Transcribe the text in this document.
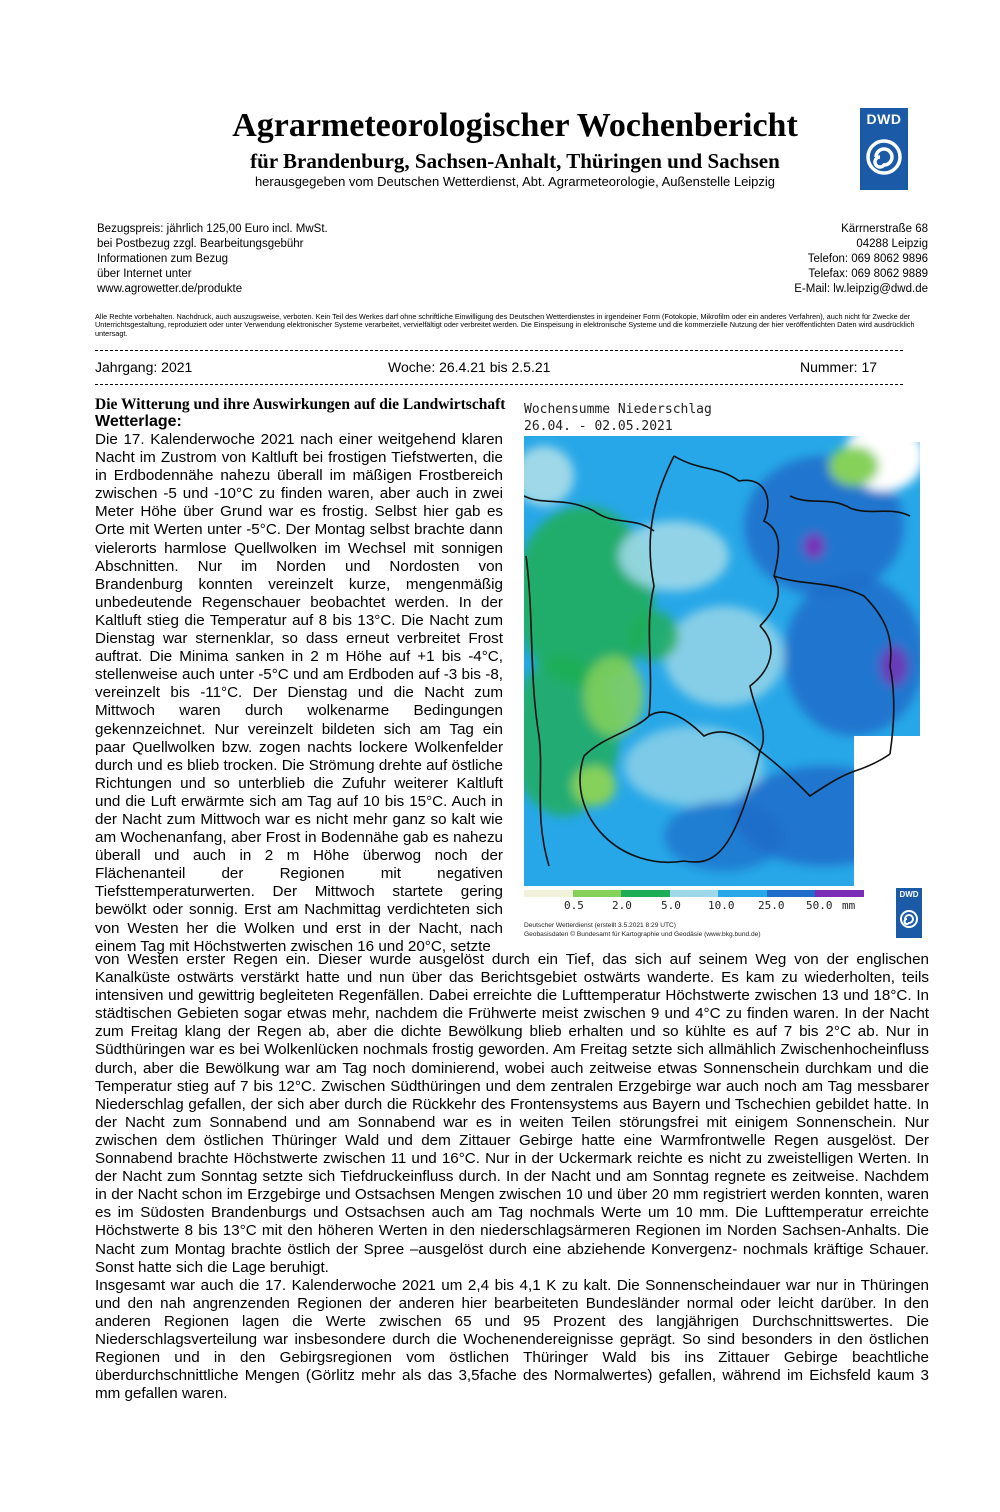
Agrarmeteorologischer Wochenbericht
für Brandenburg, Sachsen-Anhalt, Thüringen und Sachsen
herausgegeben vom Deutschen Wetterdienst, Abt. Agrarmeteorologie, Außenstelle Leipzig
DWD
Bezugspreis: jährlich 125,00 Euro incl. MwSt.
bei Postbezug zzgl. Bearbeitungsgebühr
Informationen zum Bezug
über Internet unter
www.agrowetter.de/produkte
Kärrnerstraße 68
04288 Leipzig
Telefon: 069 8062 9896
Telefax: 069 8062 9889
E-Mail: lw.leipzig@dwd.de
Alle Rechte vorbehalten. Nachdruck, auch auszugsweise, verboten. Kein Teil des Werkes darf ohne schriftliche Einwilligung des Deutschen Wetterdienstes in irgendeiner Form (Fotokopie, Mikrofilm oder ein anderes Verfahren), auch nicht für Zwecke der Unterrichtsgestaltung, reproduziert oder unter Verwendung elektronischer Systeme verarbeitet, vervielfältigt oder verbreitet werden. Die Einspeisung in elektronische Systeme und die kommerzielle Nutzung der hier veröffentlichten Daten wird ausdrücklich untersagt.
Jahrgang: 2021	Woche: 26.4.21 bis 2.5.21	Nummer: 17
Die Witterung und ihre Auswirkungen auf die Landwirtschaft
Wetterlage:

Die 17. Kalenderwoche 2021 nach einer weitgehend klaren Nacht im Zustrom von Kaltluft bei frostigen Tiefstwerten, die in Erdbodennähe nahezu überall im mäßigen Frostbereich zwischen -5 und -10°C zu finden waren, aber auch in zwei Meter Höhe über Grund war es frostig. Selbst hier gab es Orte mit Werten unter -5°C. Der Montag selbst brachte dann vielerorts harmlose Quellwolken im Wechsel mit sonnigen Abschnitten. Nur im Norden und Nordosten von Brandenburg konnten vereinzelt kurze, mengenmäßig unbedeutende Regenschauer beobachtet werden. In der Kaltluft stieg die Temperatur auf 8 bis 13°C. Die Nacht zum Dienstag war sternenklar, so dass erneut verbreitet Frost auftrat. Die Minima sanken in 2 m Höhe auf +1 bis -4°C, stellenweise auch unter -5°C und am Erdboden auf -3 bis -8, vereinzelt bis -11°C. Der Dienstag und die Nacht zum Mittwoch waren durch wolkenarme Bedingungen gekennzeichnet. Nur vereinzelt bildeten sich am Tag ein paar Quellwolken bzw. zogen nachts lockere Wolkenfelder durch und es blieb trocken. Die Strömung drehte auf östliche Richtungen und so unterblieb die Zufuhr weiterer Kaltluft und die Luft erwärmte sich am Tag auf 10 bis 15°C. Auch in der Nacht zum Mittwoch war es nicht mehr ganz so kalt wie am Wochenanfang, aber Frost in Bodennähe gab es nahezu überall und auch in 2 m Höhe überwog noch der Flächenanteil der Regionen mit negativen Tiefsttemperaturwerten. Der Mittwoch startete gering bewölkt oder sonnig. Erst am Nachmittag verdichteten sich von Westen her die Wolken und erst in der Nacht, nach einem Tag mit Höchstwerten zwischen 16 und 20°C, setzte

von Westen erster Regen ein. Dieser wurde ausgelöst durch ein Tief, das sich auf seinem Weg von der englischen Kanalküste ostwärts verstärkt hatte und nun über das Berichtsgebiet ostwärts wanderte. Es kam zu wiederholten, teils intensiven und gewittrig begleiteten Regenfällen. Dabei erreichte die Lufttemperatur Höchstwerte zwischen 13 und 18°C. In städtischen Gebieten sogar etwas mehr, nachdem die Frühwerte meist zwischen 9 und 4°C zu finden waren. In der Nacht zum Freitag klang der Regen ab, aber die dichte Bewölkung blieb erhalten und so kühlte es auf 7 bis 2°C ab. Nur in Südthüringen war es bei Wolkenlücken nochmals frostig geworden. Am Freitag setzte sich allmählich Zwischenhocheinfluss durch, aber die Bewölkung war am Tag noch dominierend, wobei auch zeitweise etwas Sonnenschein durchkam und die Temperatur stieg auf 7 bis 12°C. Zwischen Südthüringen und dem zentralen Erzgebirge war auch noch am Tag messbarer Niederschlag gefallen, der sich aber durch die Rückkehr des Frontensystems aus Bayern und Tschechien gebildet hatte. In der Nacht zum Sonnabend und am Sonnabend war es in weiten Teilen störungsfrei mit einigem Sonnenschein. Nur zwischen dem östlichen Thüringer Wald und dem Zittauer Gebirge hatte eine Warmfrontwelle Regen ausgelöst. Der Sonnabend brachte Höchstwerte zwischen 11 und 16°C. Nur in der Uckermark reichte es nicht zu zweistelligen Werten. In der Nacht zum Sonntag setzte sich Tiefdruckeinfluss durch. In der Nacht und am Sonntag regnete es zeitweise. Nachdem in der Nacht schon im Erzgebirge und Ostsachsen Mengen zwischen 10 und über 20 mm registriert werden konnten, waren es im Südosten Brandenburgs und Ostsachsen auch am Tag nochmals Werte um 10 mm. Die Lufttemperatur erreichte Höchstwerte 8 bis 13°C mit den höheren Werten in den niederschlagsärmeren Regionen im Norden Sachsen-Anhalts. Die Nacht zum Montag brachte östlich der Spree –ausgelöst durch eine abziehende Konvergenz- nochmals kräftige Schauer. Sonst hatte sich die Lage beruhigt.

Insgesamt war auch die 17. Kalenderwoche 2021 um 2,4 bis 4,1 K zu kalt. Die Sonnenscheindauer war nur in Thüringen und den nah angrenzenden Regionen der anderen hier bearbeiteten Bundesländer normal oder leicht darüber. In den anderen Regionen lagen die Werte zwischen 65 und 95 Prozent des langjährigen Durchschnittswertes. Die Niederschlagsverteilung war insbesondere durch die Wochenendereignisse geprägt. So sind besonders in den östlichen Regionen und in den Gebirgsregionen vom östlichen Thüringer Wald bis ins Zittauer Gebirge beachtliche überdurchschnittliche Mengen (Görlitz mehr als das 3,5fache des Normalwertes) gefallen, während im Eichsfeld kaum 3 mm gefallen waren.

Wochensumme Niederschlag
26.04. - 02.05.2021
0.5	2.0	5.0 10.0 25.0 50.0 mm
Deutscher Wetterdienst (erstellt 3.5.2021 8:29 UTC)
Geobasisdaten © Bundesamt für Kartographie und Geodäsie (www.bkg.bund.de)
DWD
